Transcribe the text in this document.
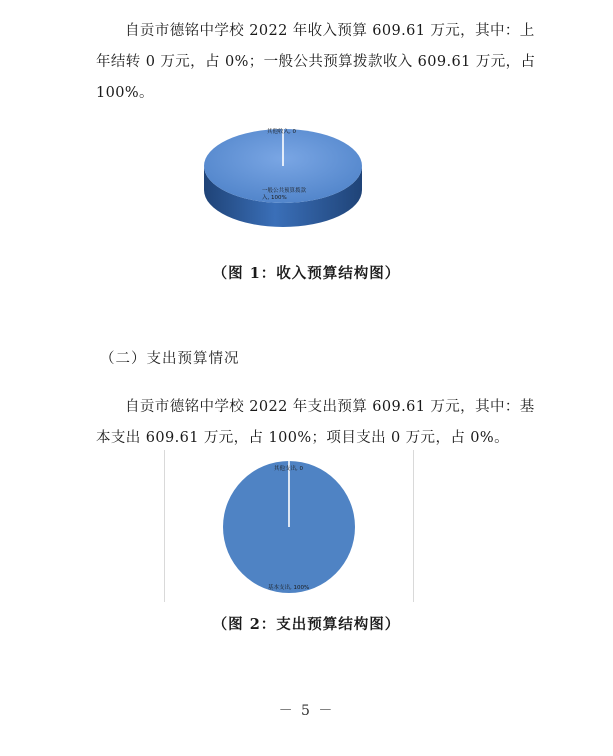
自贡市德铭中学校 2022 年收入预算 609.61 万元，其中：上年结转 0 万元，占 0%；一般公共预算拨款收入 609.61 万元，占 100%。

其他收入, 0
一般公共预算拨款
入, 100%

（图 1：收入预算结构图）

（二）支出预算情况

自贡市德铭中学校 2022 年支出预算 609.61 万元，其中：基本支出 609.61 万元，占 100%；项目支出 0 万元，占 0%。

其他支出, 0
基本支出, 100%

（图 2：支出预算结构图）

－ 5 －
